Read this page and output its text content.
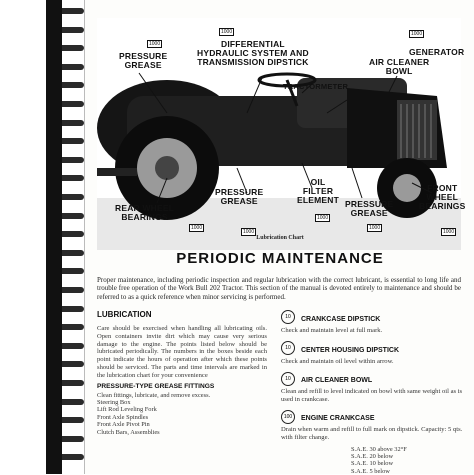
PRESSURE
GREASE
DIFFERENTIAL
HYDRAULIC SYSTEM AND
TRANSMISSION DIPSTICK
GENERATOR
AIR CLEANER
BOWL
TRACTORMETER
REAR WHEEL
BEARINGS
PRESSURE
GREASE
OIL
FILTER
ELEMENT PRESSURE
GREASE
FRONT
WHEEL
BEARINGS
1000
1000	1000
1000
1000
1000
1000
1000
Lubrication Chart
PERIODIC MAINTENANCE
Proper maintenance, including periodic inspection and regular lubrication with the correct lubricant, is essential to long life and trouble free operation of the Work Bull 202 Tractor. This section of the manual is devoted entirely to maintenance and should be referred to as a quick reference when minor servicing is performed.
LUBRICATION
Care should be exercised when handling all lubricating oils. Open containers invite dirt which may cause very serious damage to the engine. The points listed below should be lubricated periodically. The numbers in the boxes beside each point indicate the hours of operation after which these points should be serviced. The parts and time intervals are marked in the lubrication chart for your convenience
PRESSURE-TYPE GREASE FITTINGS
Clean fittings, lubricate, and remove excess.
Steering Box
Lift Rod Leveling Fork
Front Axle Spindles
Front Axle Pivot Pin
Clutch Bars, Assemblies
10 CRANKCASE DIPSTICK
Check and maintain level at full mark.
10 CENTER HOUSING DIPSTICK
Check and maintain oil level within arrow.
10 AIR CLEANER BOWL
Clean and refill to level indicated on bowl with same weight oil as is used in crankcase.
100 ENGINE CRANKCASE
Drain when warm and refill to full mark on dipstick. Capacity: 5 qts. with filter change.
S.A.E. 30 above 32°F
S.A.E. 20 below
S.A.E. 10 below
S.A.E. 5 below
